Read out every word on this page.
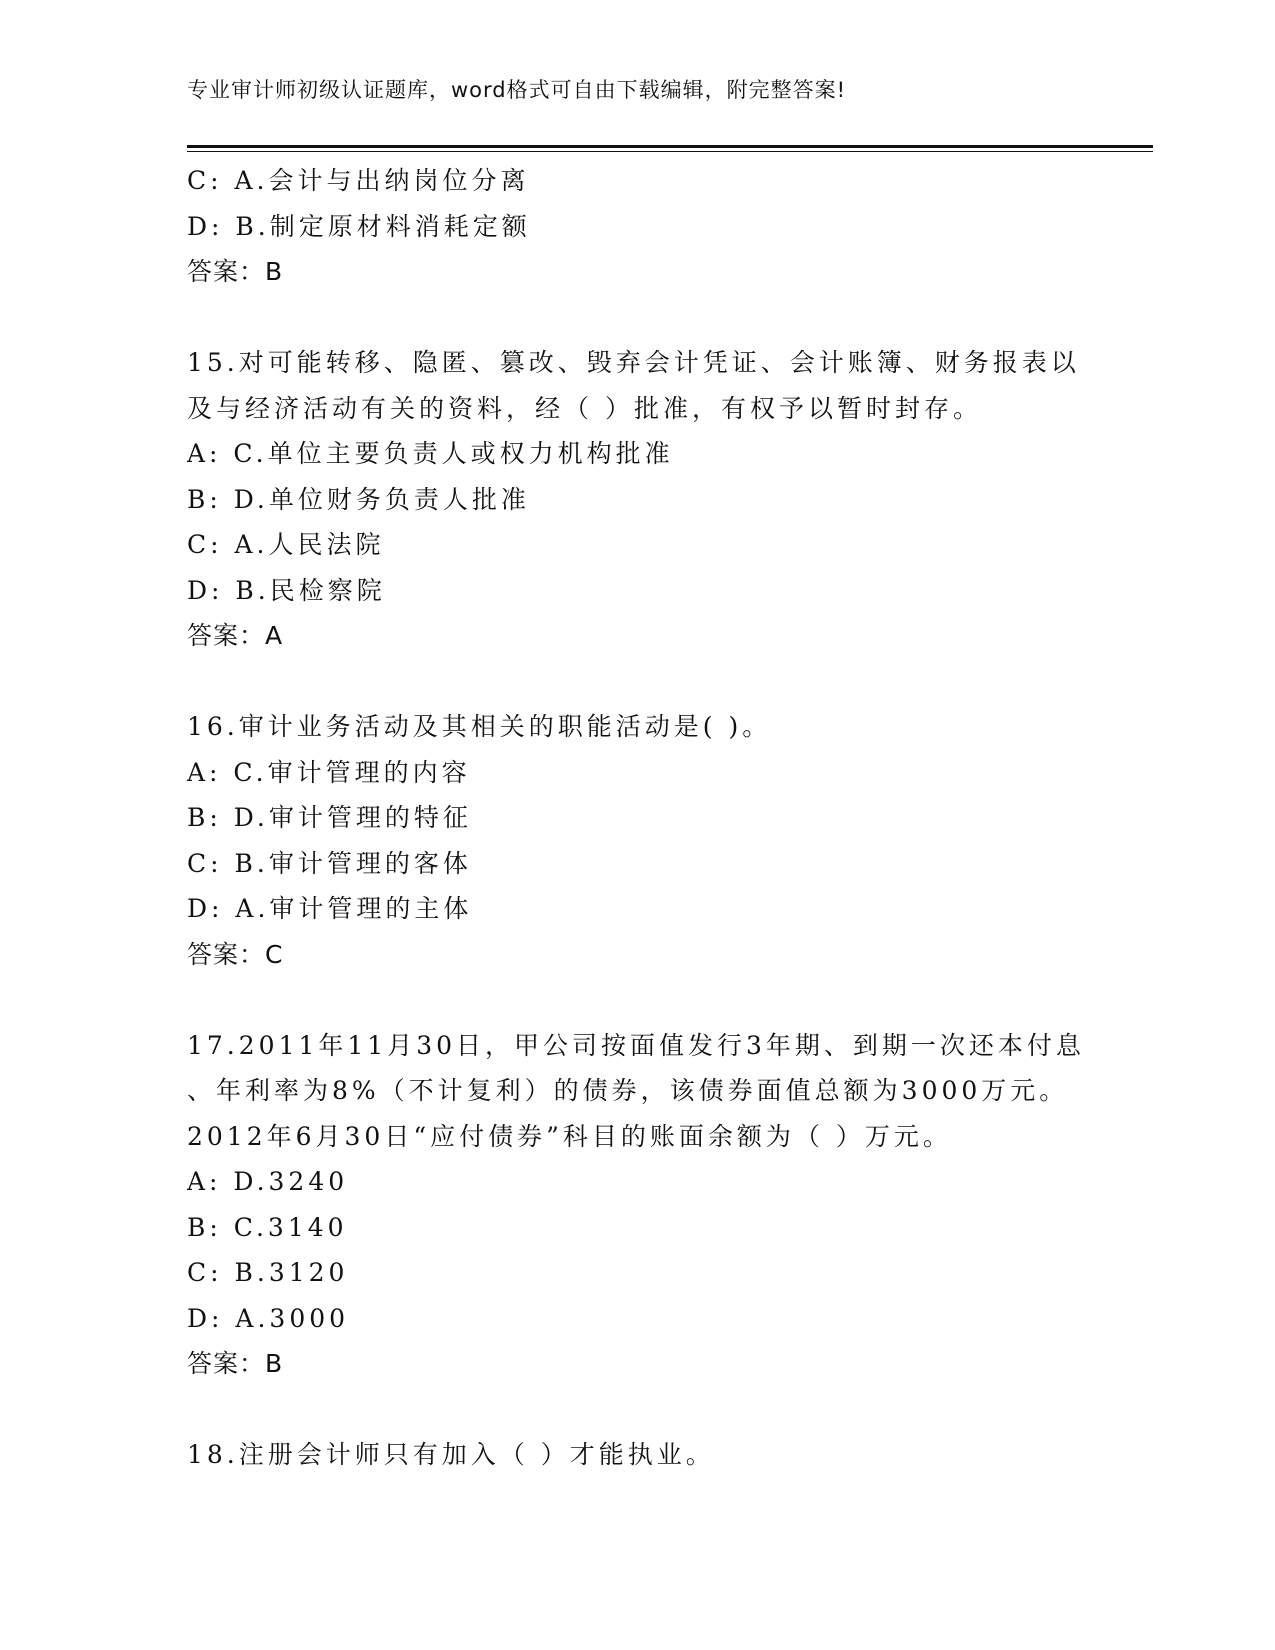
专业审计师初级认证题库，word格式可自由下载编辑，附完整答案!
C: A.会计与出纳岗位分离
D: B.制定原材料消耗定额
答案：B
15.对可能转移、隐匿、篡改、毁弃会计凭证、会计账簿、财务报表以
及与经济活动有关的资料，经（ ）批准，有权予以暂时封存。
A: C.单位主要负责人或权力机构批准
B: D.单位财务负责人批准
C: A.人民法院
D: B.民检察院
答案：A
16.审计业务活动及其相关的职能活动是( )。
A: C.审计管理的内容
B: D.审计管理的特征
C: B.审计管理的客体
D: A.审计管理的主体
答案：C
17.2011年11月30日，甲公司按面值发行3年期、到期一次还本付息
、年利率为8%（不计复利）的债券，该债券面值总额为3000万元。
2012年6月30日“应付债券”科目的账面余额为（ ）万元。
A: D.3240
B: C.3140
C: B.3120
D: A.3000
答案：B
18.注册会计师只有加入（ ）才能执业。
